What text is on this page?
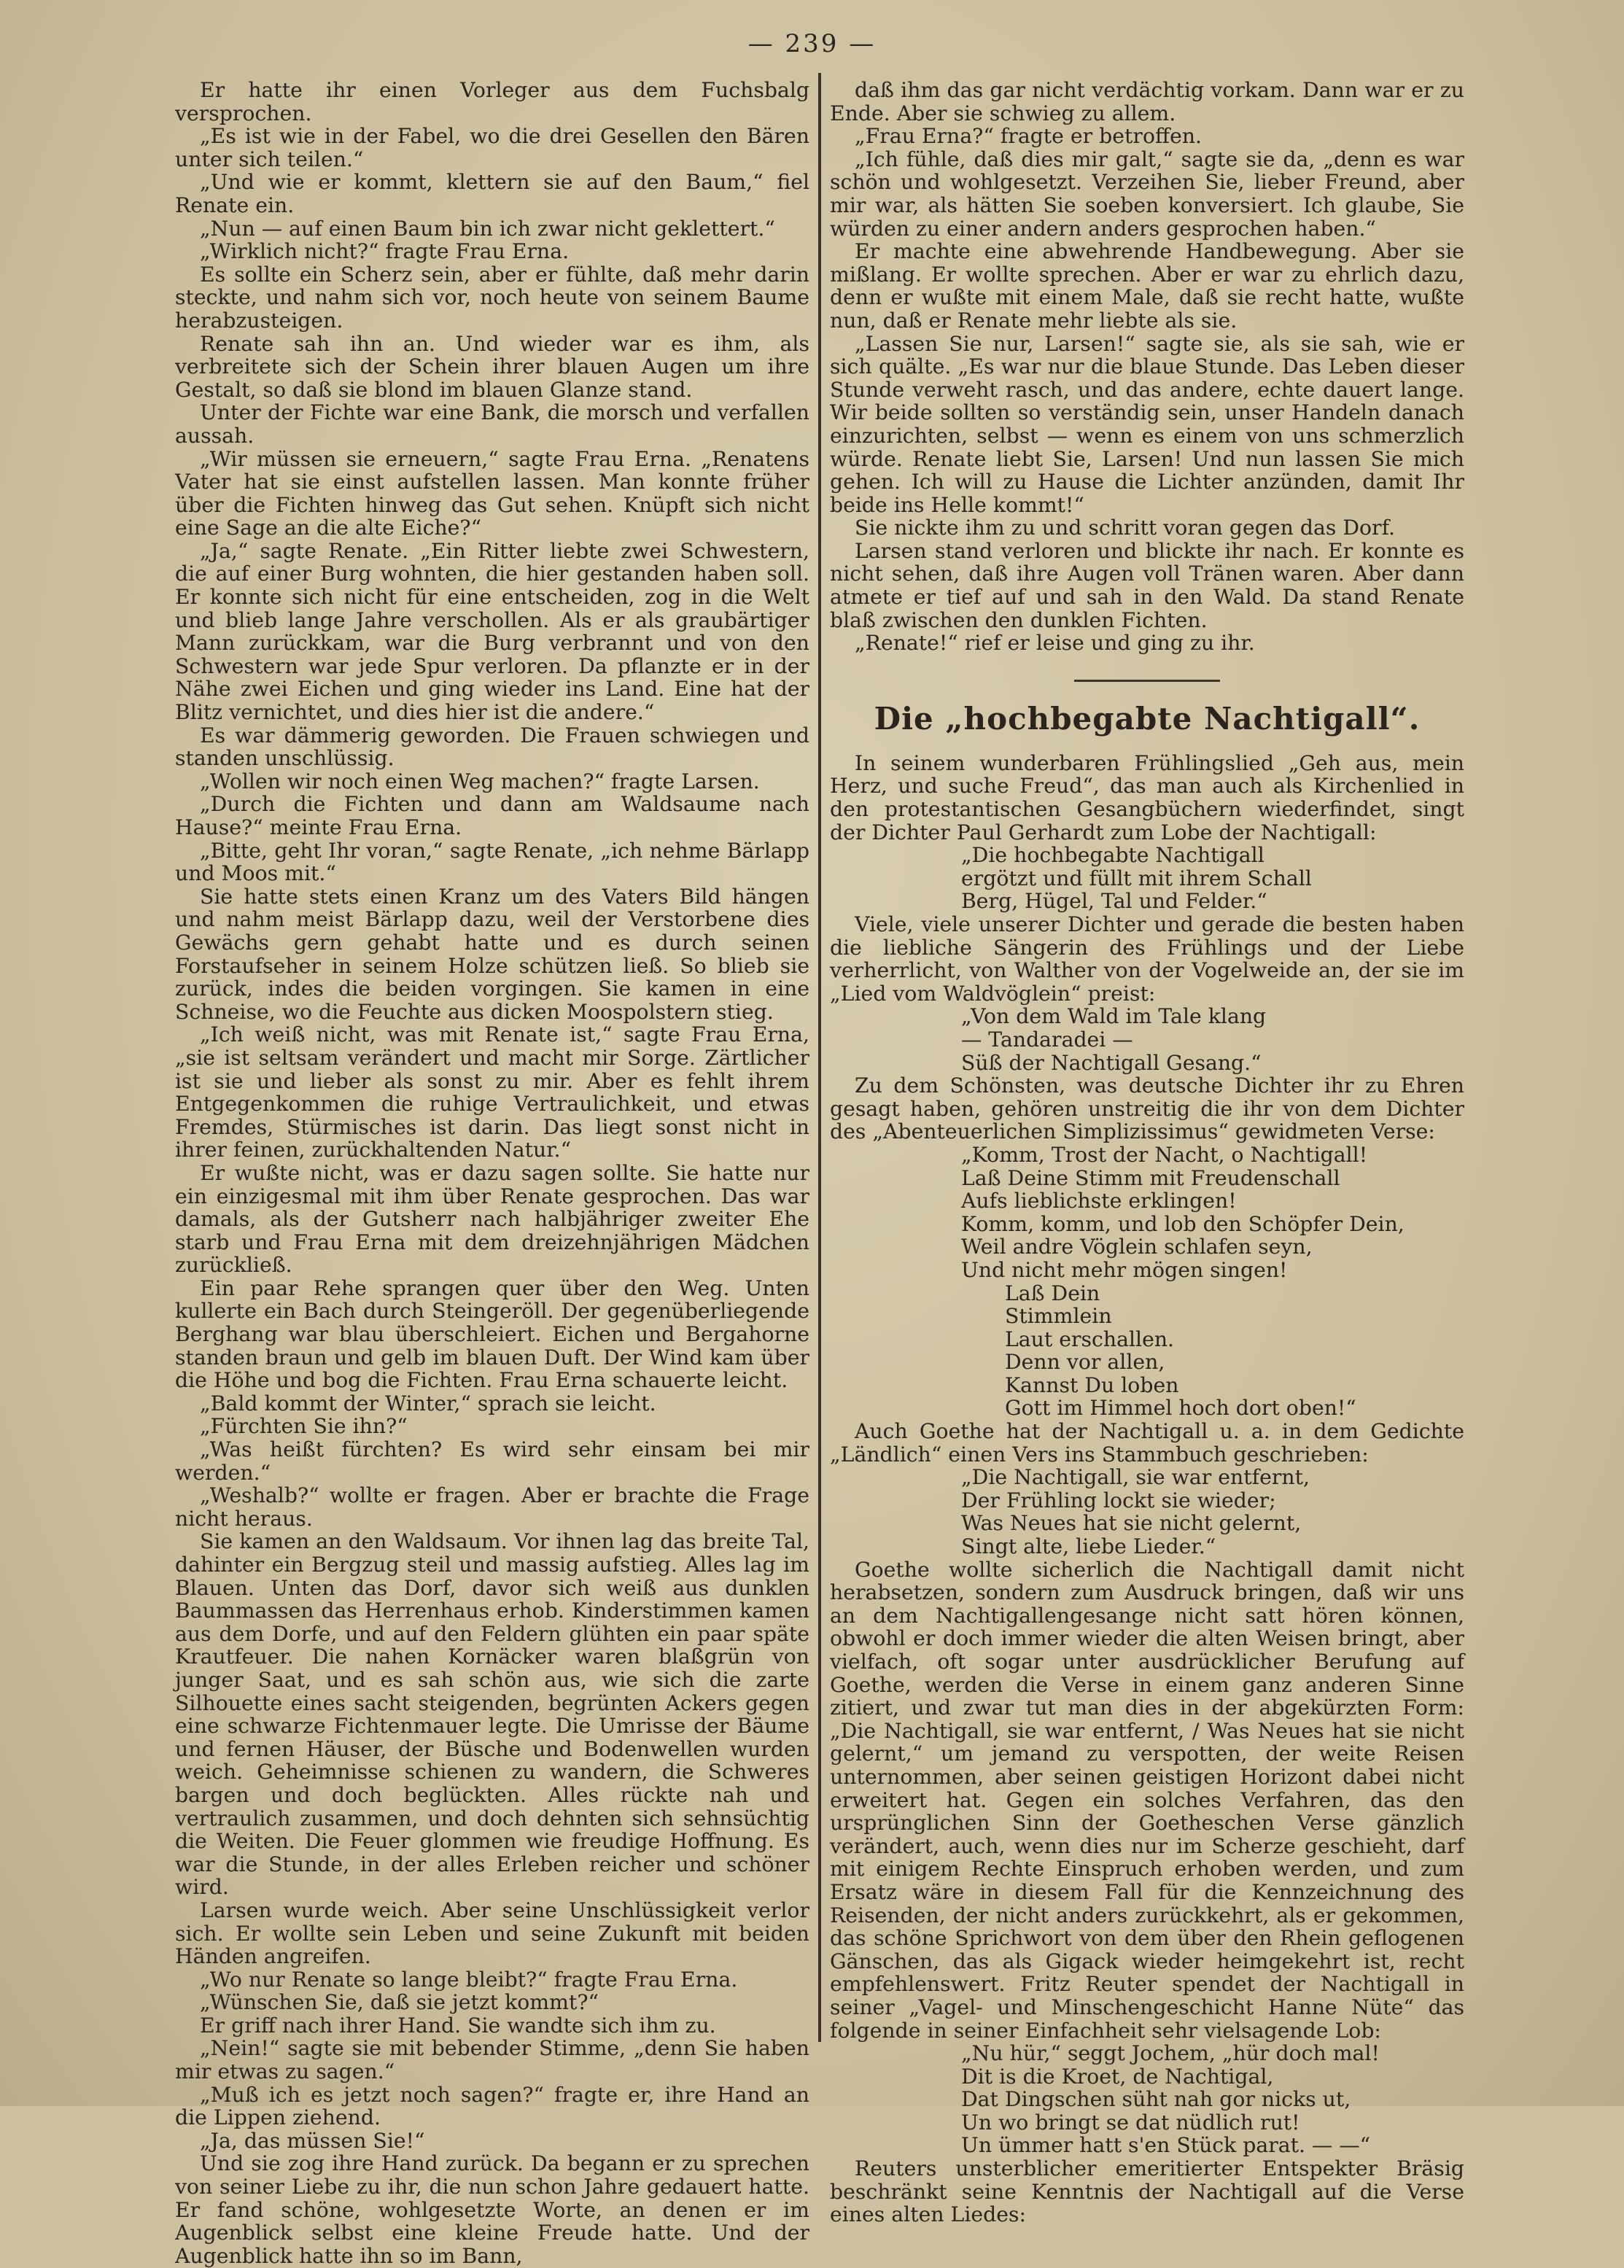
— 239 —

Er hatte ihr einen Vorleger aus dem Fuchsbalg versprochen.

„Es ist wie in der Fabel, wo die drei Gesellen den Bären unter sich teilen.“

„Und wie er kommt, klettern sie auf den Baum,“ fiel Renate ein.

„Nun — auf einen Baum bin ich zwar nicht geklettert.“

„Wirklich nicht?“ fragte Frau Erna.

Es sollte ein Scherz sein, aber er fühlte, daß mehr darin steckte, und nahm sich vor, noch heute von seinem Baume herabzusteigen.

Renate sah ihn an. Und wieder war es ihm, als verbreitete sich der Schein ihrer blauen Augen um ihre Gestalt, so daß sie blond im blauen Glanze stand.

Unter der Fichte war eine Bank, die morsch und verfallen aussah.

„Wir müssen sie erneuern,“ sagte Frau Erna. „Renatens Vater hat sie einst aufstellen lassen. Man konnte früher über die Fichten hinweg das Gut sehen. Knüpft sich nicht eine Sage an die alte Eiche?“

„Ja,“ sagte Renate. „Ein Ritter liebte zwei Schwestern, die auf einer Burg wohnten, die hier gestanden haben soll. Er konnte sich nicht für eine entscheiden, zog in die Welt und blieb lange Jahre verschollen. Als er als graubärtiger Mann zurückkam, war die Burg verbrannt und von den Schwestern war jede Spur verloren. Da pflanzte er in der Nähe zwei Eichen und ging wieder ins Land. Eine hat der Blitz vernichtet, und dies hier ist die andere.“

Es war dämmerig geworden. Die Frauen schwiegen und standen unschlüssig.

„Wollen wir noch einen Weg machen?“ fragte Larsen.

„Durch die Fichten und dann am Waldsaume nach Hause?“ meinte Frau Erna.

„Bitte, geht Ihr voran,“ sagte Renate, „ich nehme Bärlapp und Moos mit.“

Sie hatte stets einen Kranz um des Vaters Bild hängen und nahm meist Bärlapp dazu, weil der Verstorbene dies Gewächs gern gehabt hatte und es durch seinen Forstaufseher in seinem Holze schützen ließ. So blieb sie zurück, indes die beiden vorgingen. Sie kamen in eine Schneise, wo die Feuchte aus dicken Moospolstern stieg.

„Ich weiß nicht, was mit Renate ist,“ sagte Frau Erna, „sie ist seltsam verändert und macht mir Sorge. Zärtlicher ist sie und lieber als sonst zu mir. Aber es fehlt ihrem Entgegenkommen die ruhige Vertraulichkeit, und etwas Fremdes, Stürmisches ist darin. Das liegt sonst nicht in ihrer feinen, zurückhaltenden Natur.“

Er wußte nicht, was er dazu sagen sollte. Sie hatte nur ein einzigesmal mit ihm über Renate gesprochen. Das war damals, als der Gutsherr nach halbjähriger zweiter Ehe starb und Frau Erna mit dem dreizehnjährigen Mädchen zurückließ.

Ein paar Rehe sprangen quer über den Weg. Unten kullerte ein Bach durch Steingeröll. Der gegenüberliegende Berghang war blau überschleiert. Eichen und Bergahorne standen braun und gelb im blauen Duft. Der Wind kam über die Höhe und bog die Fichten. Frau Erna schauerte leicht.

„Bald kommt der Winter,“ sprach sie leicht.

„Fürchten Sie ihn?“

„Was heißt fürchten? Es wird sehr einsam bei mir werden.“

„Weshalb?“ wollte er fragen. Aber er brachte die Frage nicht heraus.

Sie kamen an den Waldsaum. Vor ihnen lag das breite Tal, dahinter ein Bergzug steil und massig aufstieg. Alles lag im Blauen. Unten das Dorf, davor sich weiß aus dunklen Baummassen das Herrenhaus erhob. Kinderstimmen kamen aus dem Dorfe, und auf den Feldern glühten ein paar späte Krautfeuer. Die nahen Kornäcker waren blaßgrün von junger Saat, und es sah schön aus, wie sich die zarte Silhouette eines sacht steigenden, begrünten Ackers gegen eine schwarze Fichtenmauer legte. Die Umrisse der Bäume und fernen Häuser, der Büsche und Bodenwellen wurden weich. Geheimnisse schienen zu wandern, die Schweres bargen und doch beglückten. Alles rückte nah und vertraulich zusammen, und doch dehnten sich sehnsüchtig die Weiten. Die Feuer glommen wie freudige Hoffnung. Es war die Stunde, in der alles Erleben reicher und schöner wird.

Larsen wurde weich. Aber seine Unschlüssigkeit verlor sich. Er wollte sein Leben und seine Zukunft mit beiden Händen angreifen.

„Wo nur Renate so lange bleibt?“ fragte Frau Erna.

„Wünschen Sie, daß sie jetzt kommt?“

Er griff nach ihrer Hand. Sie wandte sich ihm zu.

„Nein!“ sagte sie mit bebender Stimme, „denn Sie haben mir etwas zu sagen.“

„Muß ich es jetzt noch sagen?“ fragte er, ihre Hand an die Lippen ziehend.

„Ja, das müssen Sie!“

Und sie zog ihre Hand zurück. Da begann er zu sprechen von seiner Liebe zu ihr, die nun schon Jahre gedauert hatte. Er fand schöne, wohlgesetzte Worte, an denen er im Augenblick selbst eine kleine Freude hatte. Und der Augenblick hatte ihn so im Bann,

daß ihm das gar nicht verdächtig vorkam. Dann war er zu Ende. Aber sie schwieg zu allem.

„Frau Erna?“ fragte er betroffen.

„Ich fühle, daß dies mir galt,“ sagte sie da, „denn es war schön und wohlgesetzt. Verzeihen Sie, lieber Freund, aber mir war, als hätten Sie soeben konversiert. Ich glaube, Sie würden zu einer andern anders gesprochen haben.“

Er machte eine abwehrende Handbewegung. Aber sie mißlang. Er wollte sprechen. Aber er war zu ehrlich dazu, denn er wußte mit einem Male, daß sie recht hatte, wußte nun, daß er Renate mehr liebte als sie.

„Lassen Sie nur, Larsen!“ sagte sie, als sie sah, wie er sich quälte. „Es war nur die blaue Stunde. Das Leben dieser Stunde verweht rasch, und das andere, echte dauert lange. Wir beide sollten so verständig sein, unser Handeln danach einzurichten, selbst — wenn es einem von uns schmerzlich würde. Renate liebt Sie, Larsen! Und nun lassen Sie mich gehen. Ich will zu Hause die Lichter anzünden, damit Ihr beide ins Helle kommt!“

Sie nickte ihm zu und schritt voran gegen das Dorf.

Larsen stand verloren und blickte ihr nach. Er konnte es nicht sehen, daß ihre Augen voll Tränen waren. Aber dann atmete er tief auf und sah in den Wald. Da stand Renate blaß zwischen den dunklen Fichten.

„Renate!“ rief er leise und ging zu ihr.

Die „hochbegabte Nachtigall“.

In seinem wunderbaren Frühlingslied „Geh aus, mein Herz, und suche Freud“, das man auch als Kirchenlied in den protestantischen Gesangbüchern wiederfindet, singt der Dichter Paul Gerhardt zum Lobe der Nachtigall:

„Die hochbegabte Nachtigall
ergötzt und füllt mit ihrem Schall
Berg, Hügel, Tal und Felder.“

Viele, viele unserer Dichter und gerade die besten haben die liebliche Sängerin des Frühlings und der Liebe verherrlicht, von Walther von der Vogelweide an, der sie im „Lied vom Waldvöglein“ preist:

„Von dem Wald im Tale klang
— Tandaradei —
Süß der Nachtigall Gesang.“

Zu dem Schönsten, was deutsche Dichter ihr zu Ehren gesagt haben, gehören unstreitig die ihr von dem Dichter des „Abenteuerlichen Simplizissimus“ gewidmeten Verse:

„Komm, Trost der Nacht, o Nachtigall!
Laß Deine Stimm mit Freudenschall
Aufs lieblichste erklingen!
Komm, komm, und lob den Schöpfer Dein,
Weil andre Vöglein schlafen seyn,
Und nicht mehr mögen singen!
Laß Dein
Stimmlein
Laut erschallen.
Denn vor allen,
Kannst Du loben
Gott im Himmel hoch dort oben!“

Auch Goethe hat der Nachtigall u. a. in dem Gedichte „Ländlich“ einen Vers ins Stammbuch geschrieben:

„Die Nachtigall, sie war entfernt,
Der Frühling lockt sie wieder;
Was Neues hat sie nicht gelernt,
Singt alte, liebe Lieder.“

Goethe wollte sicherlich die Nachtigall damit nicht herabsetzen, sondern zum Ausdruck bringen, daß wir uns an dem Nachtigallengesange nicht satt hören können, obwohl er doch immer wieder die alten Weisen bringt, aber vielfach, oft sogar unter ausdrücklicher Berufung auf Goethe, werden die Verse in einem ganz anderen Sinne zitiert, und zwar tut man dies in der abgekürzten Form: „Die Nachtigall, sie war entfernt, / Was Neues hat sie nicht gelernt,“ um jemand zu verspotten, der weite Reisen unternommen, aber seinen geistigen Horizont dabei nicht erweitert hat. Gegen ein solches Verfahren, das den ursprünglichen Sinn der Goetheschen Verse gänzlich verändert, auch, wenn dies nur im Scherze geschieht, darf mit einigem Rechte Einspruch erhoben werden, und zum Ersatz wäre in diesem Fall für die Kennzeichnung des Reisenden, der nicht anders zurückkehrt, als er gekommen, das schöne Sprichwort von dem über den Rhein geflogenen Gänschen, das als Gigack wieder heimgekehrt ist, recht empfehlenswert. Fritz Reuter spendet der Nachtigall in seiner „Vagel- und Minschengeschicht Hanne Nüte“ das folgende in seiner Einfachheit sehr vielsagende Lob:

„Nu hür,“ seggt Jochem, „hür doch mal!
Dit is die Kroet, de Nachtigal,
Dat Dingschen süht nah gor nicks ut,
Un wo bringt se dat nüdlich rut!
Un ümmer hatt s'en Stück parat. — —“

Reuters unsterblicher emeritierter Entspekter Bräsig beschränkt seine Kenntnis der Nachtigall auf die Verse eines alten Liedes:
